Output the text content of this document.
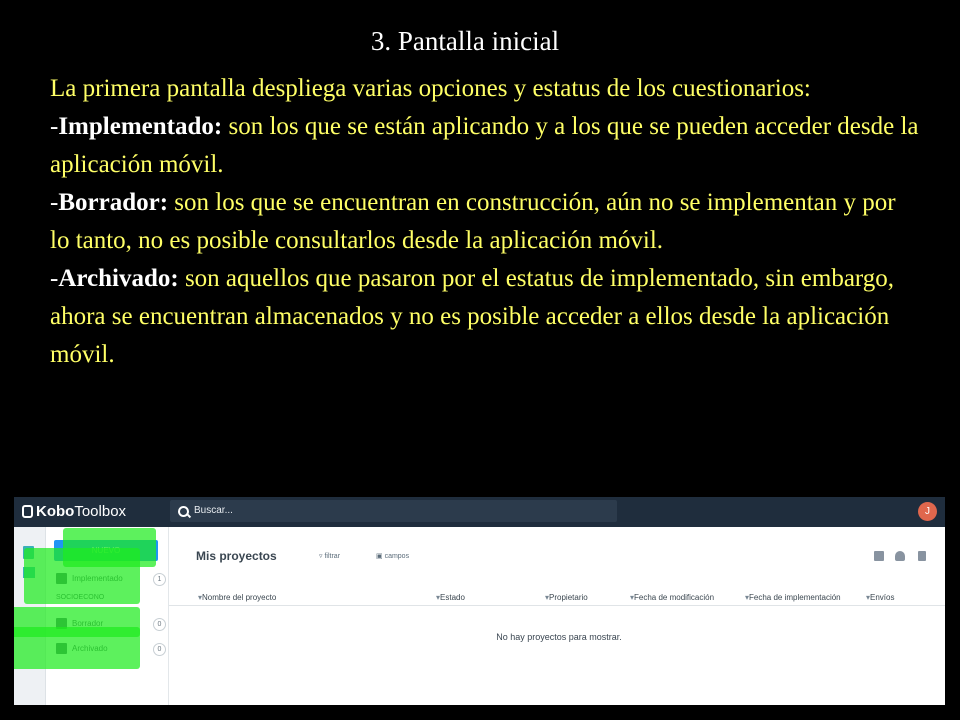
3. Pantalla inicial

La primera pantalla despliega varias opciones y estatus de los cuestionarios:

-Implementado: son los que se están aplicando y a los que se pueden acceder desde la aplicación móvil.

-Borrador: son los que se encuentran en construcción, aún no se implementan y por lo tanto, no es posible consultarlos desde la aplicación móvil.

-Archivado: son aquellos que pasaron por el estatus de implementado, sin embargo, ahora se encuentran almacenados y no es posible acceder a ellos desde la aplicación móvil.

KoboToolbox	Buscar...	J
1
0
0
Mis proyectos	▿ filtrar	▣ campos
▾ Nombre del proyecto	▾ Estado	▾ Propietario	▾ Fecha de modificación	▾ Fecha de implementación	▾ Envíos
No hay proyectos para mostrar.
